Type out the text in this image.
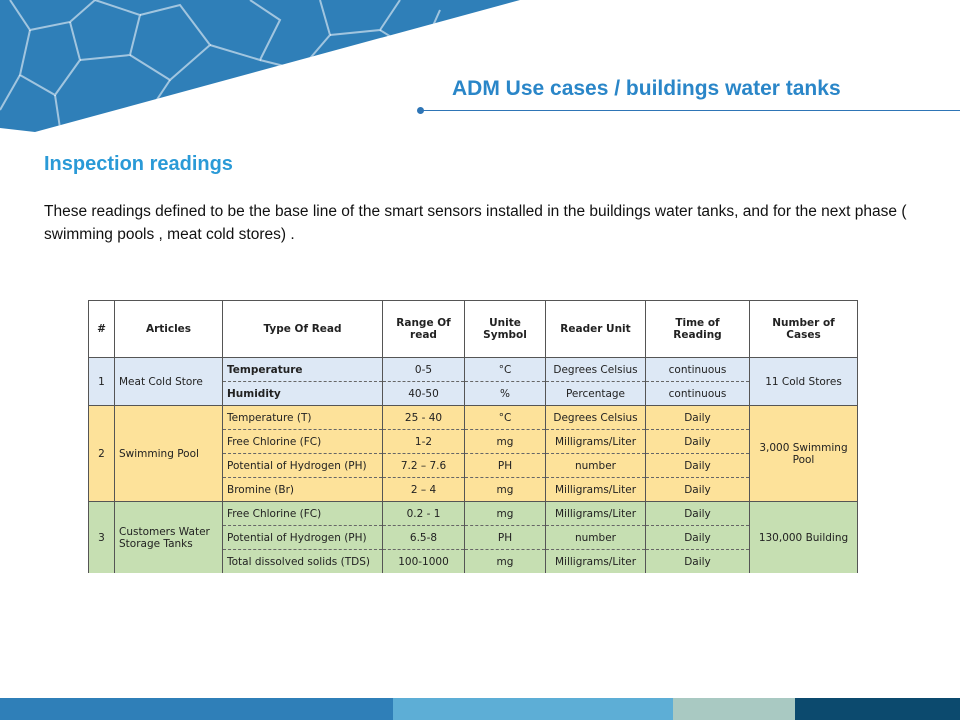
ADM Use cases / buildings water tanks
Inspection readings
These readings defined to be the base line of the smart sensors installed in the buildings water tanks, and for the next phase ( swimming pools , meat cold stores) .
#	Articles	Type Of Read	Range Of read	Unite Symbol	Reader Unit	Time of Reading	Number of Cases
1	Meat Cold Store	Temperature	0-5	°C	Degrees Celsius	continuous	11 Cold Stores
		Humidity	40-50	%	Percentage	continuous	
2	Swimming Pool	Temperature (T)	25 - 40	°C	Degrees Celsius	Daily	3,000 Swimming Pool
		Free Chlorine (FC)	1-2	mg	Milligrams/Liter	Daily	
		Potential of Hydrogen (PH)	7.2 – 7.6	PH	number	Daily	
		Bromine (Br)	2 – 4	mg	Milligrams/Liter	Daily	
3	Customers Water Storage Tanks	Free Chlorine (FC)	0.2 - 1	mg	Milligrams/Liter	Daily	130,000 Building
		Potential of Hydrogen (PH)	6.5-8	PH	number	Daily	
		Total dissolved solids (TDS)	100-1000	mg	Milligrams/Liter	Daily	
